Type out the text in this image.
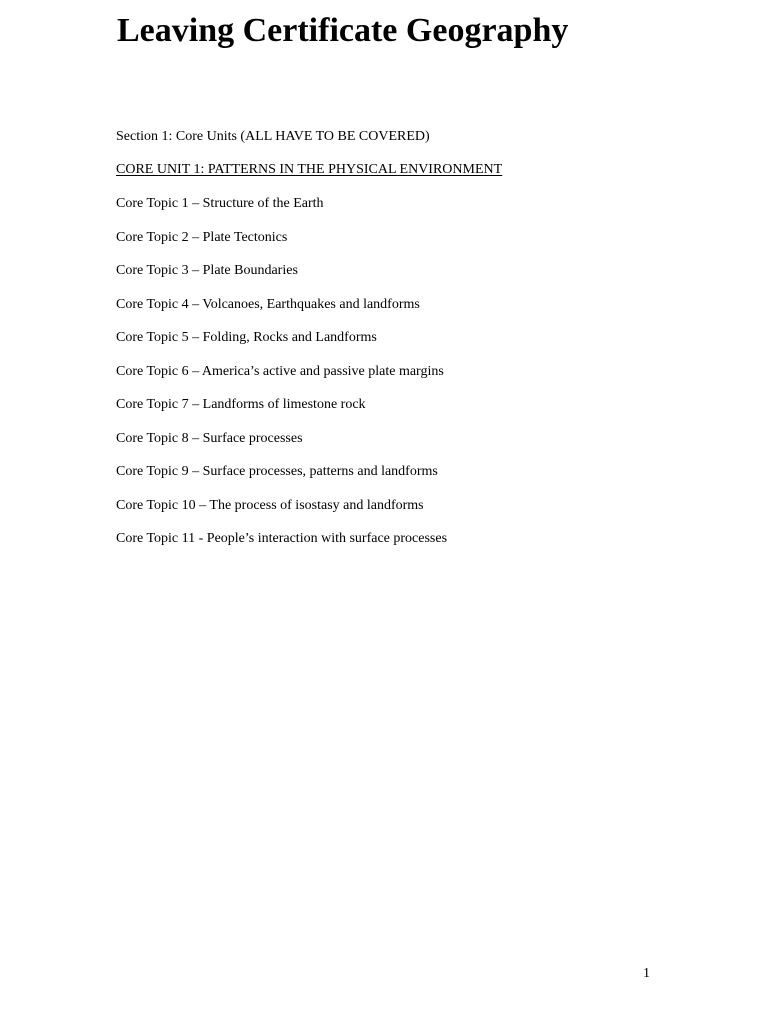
Leaving Certificate Geography

Section 1: Core Units (ALL HAVE TO BE COVERED)

CORE UNIT 1: PATTERNS IN THE PHYSICAL ENVIRONMENT

Core Topic 1 – Structure of the Earth
Core Topic 2 – Plate Tectonics
Core Topic 3 – Plate Boundaries
Core Topic 4 – Volcanoes, Earthquakes and landforms
Core Topic 5 – Folding, Rocks and Landforms
Core Topic 6 – America’s active and passive plate margins
Core Topic 7 – Landforms of limestone rock
Core Topic 8 – Surface processes
Core Topic 9 – Surface processes, patterns and landforms
Core Topic 10 – The process of isostasy and landforms
Core Topic 11 - People’s interaction with surface processes

1
